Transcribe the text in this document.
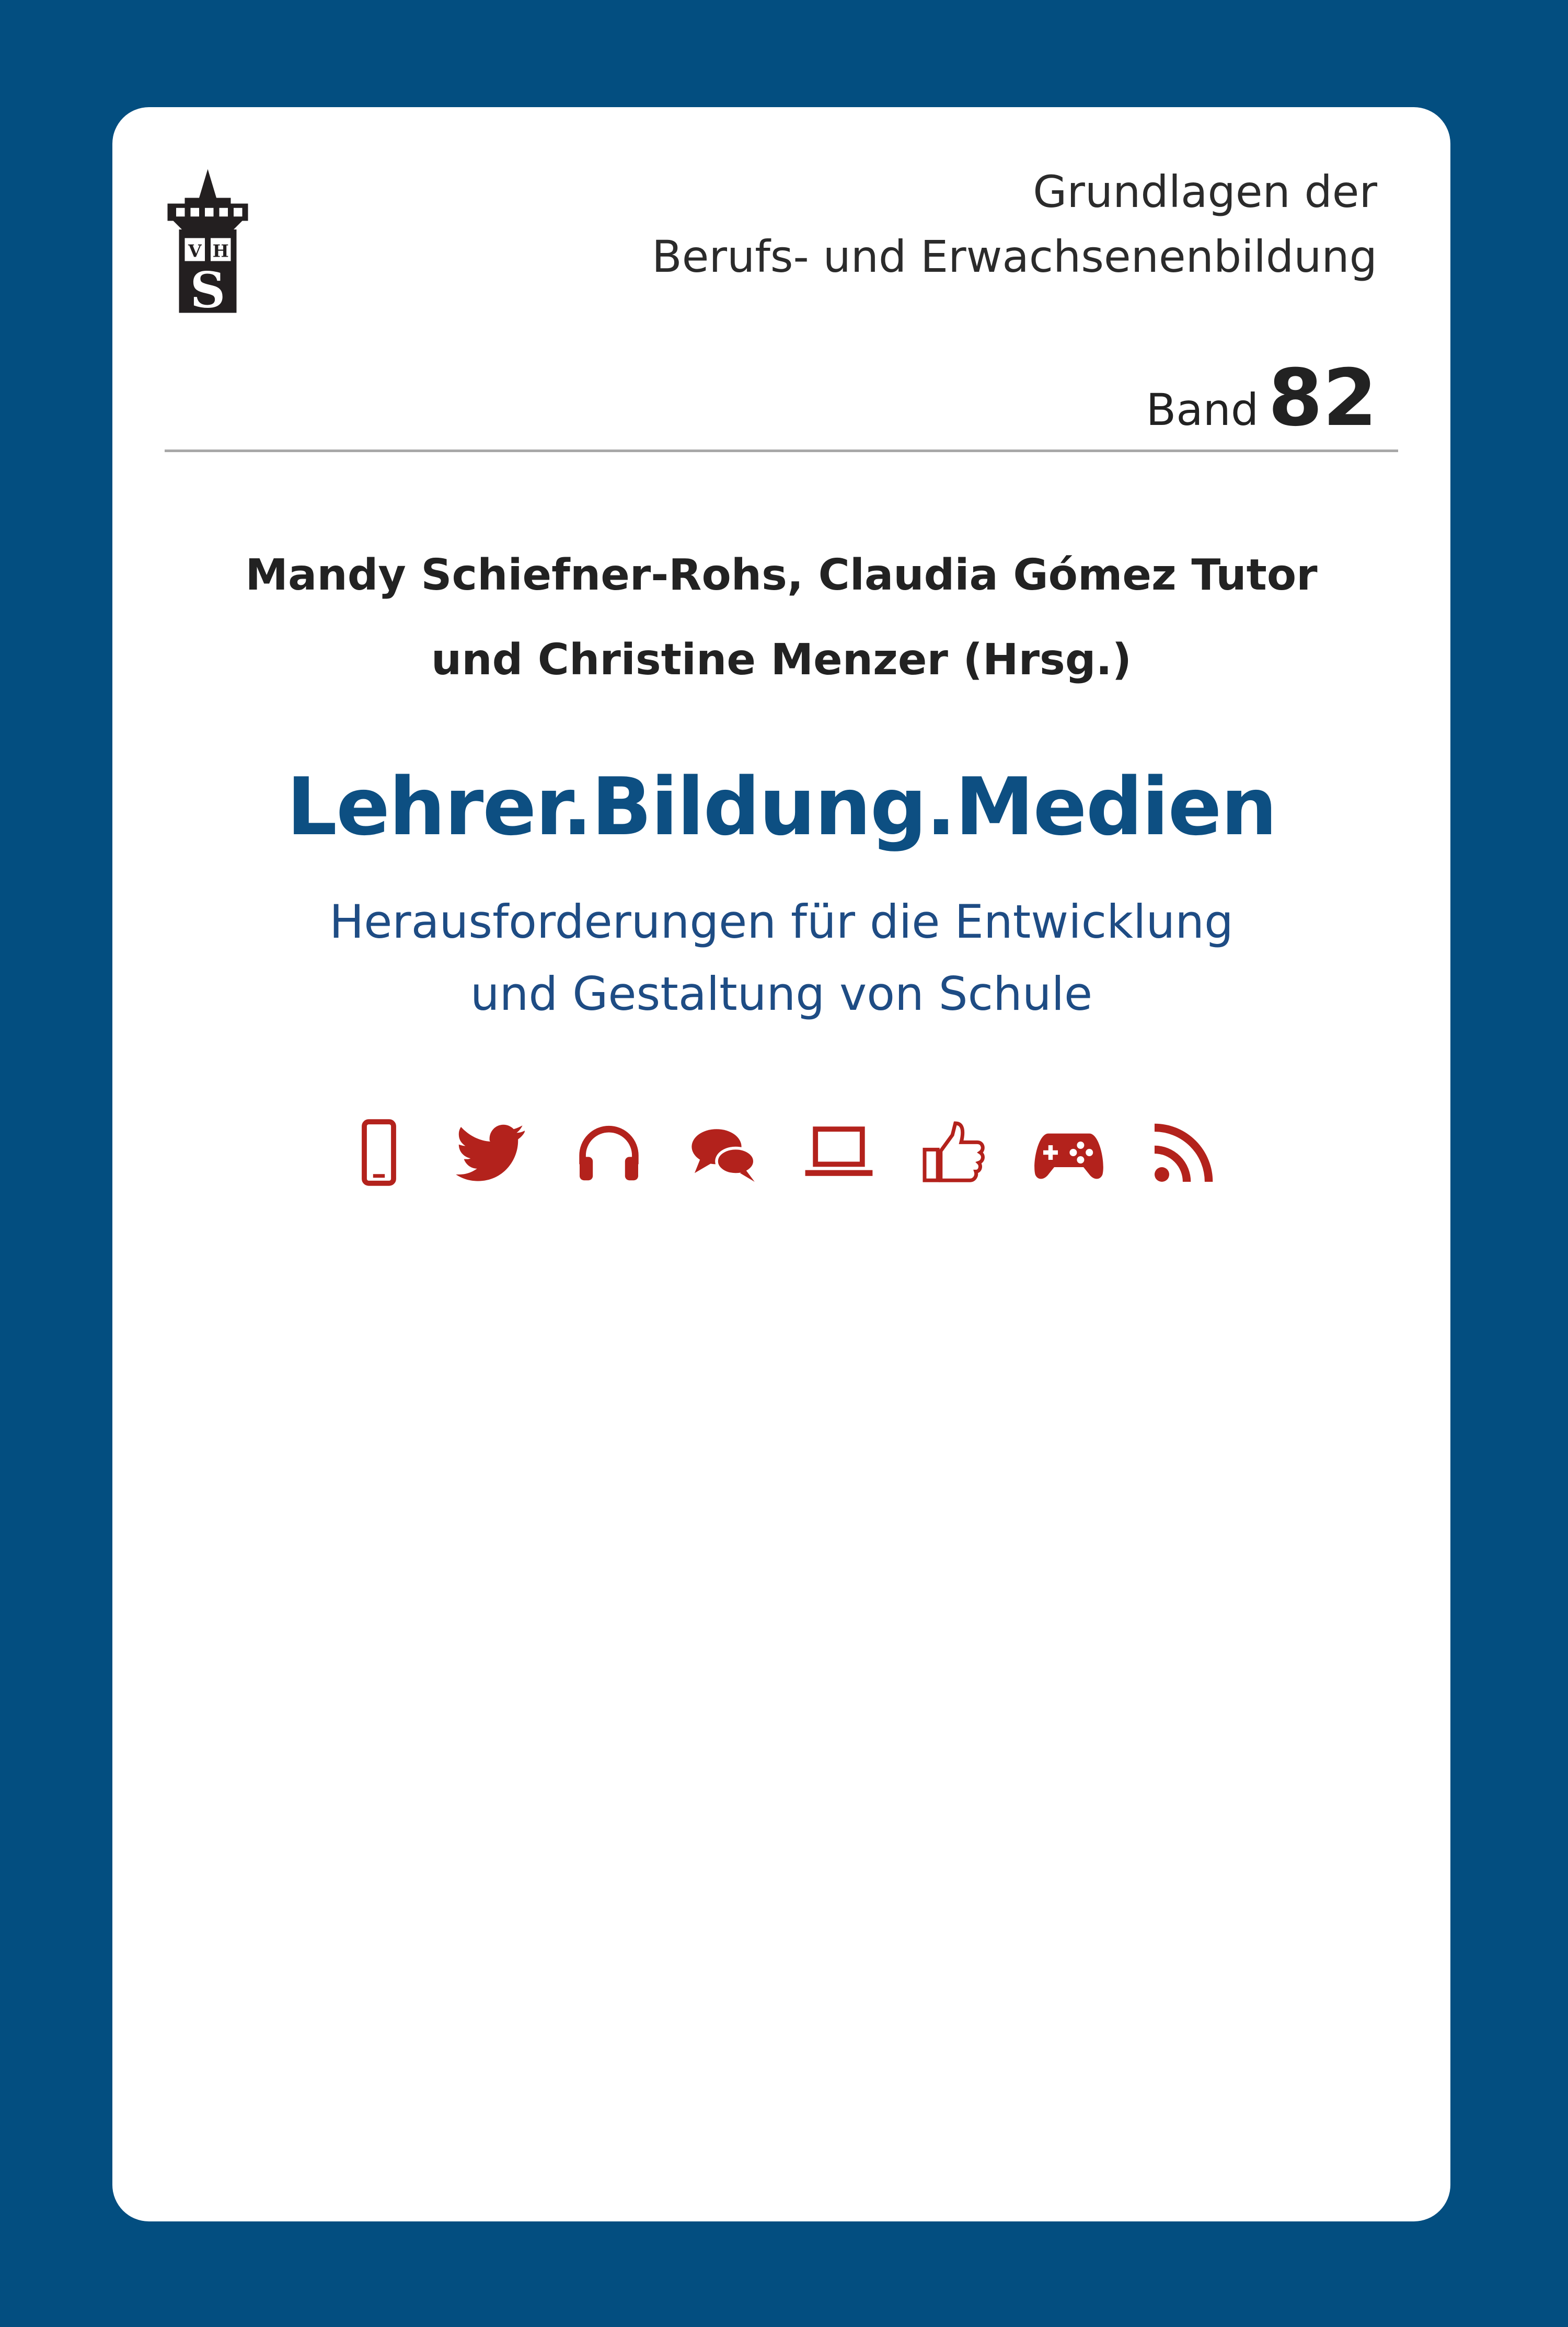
V H
S
Grundlagen der
Berufs- und Erwachsenenbildung
Band 82
Mandy Schiefner-Rohs, Claudia Gómez Tutor
und Christine Menzer (Hrsg.)
Lehrer.Bildung.Medien
Herausforderungen für die Entwicklung
und Gestaltung von Schule
